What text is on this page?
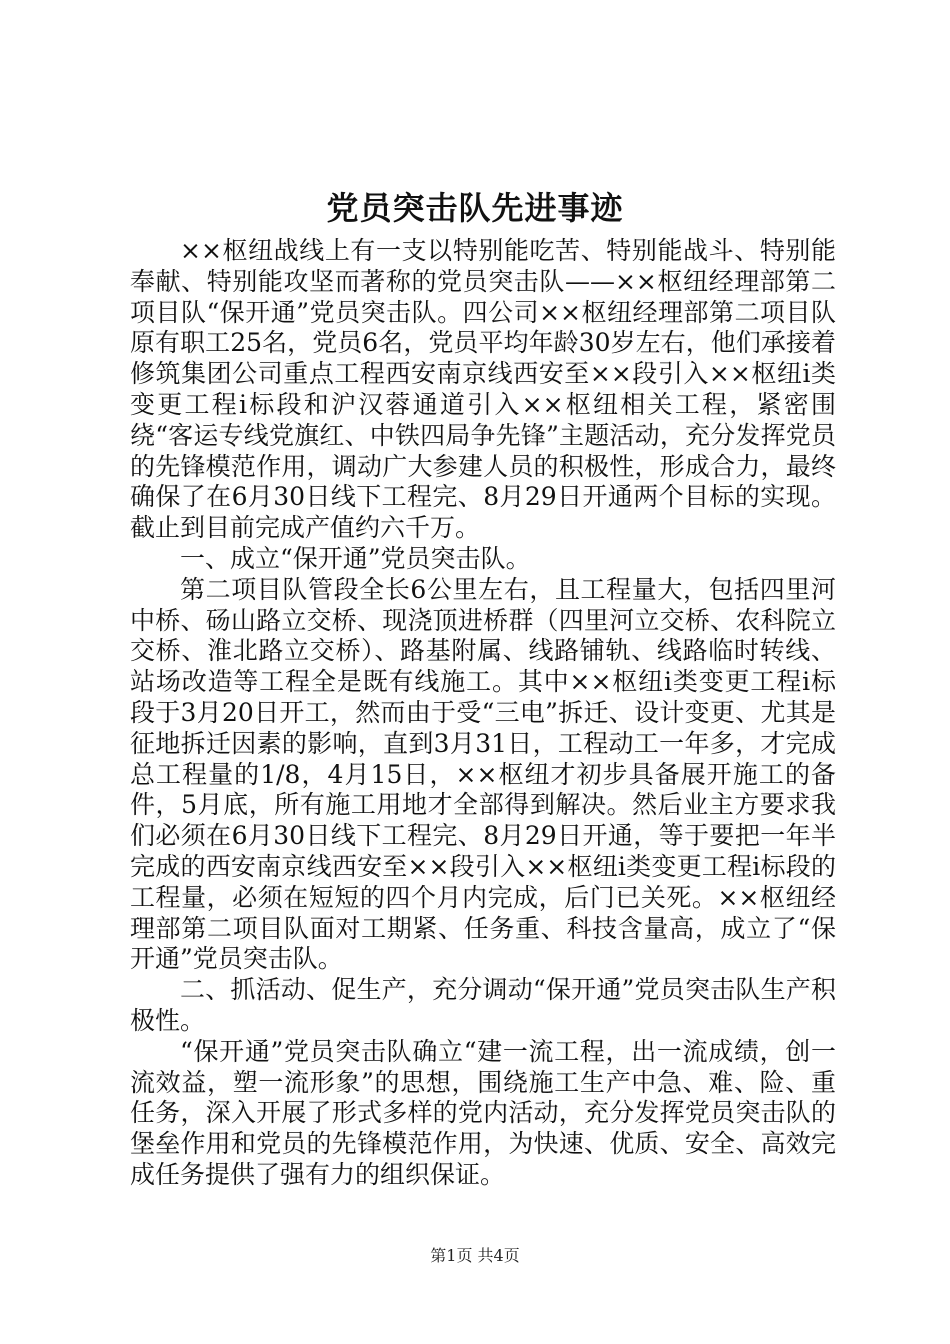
党员突击队先进事迹

××枢纽战线上有一支以特别能吃苦、特别能战斗、特别能奉献、特别能攻坚而著称的党员突击队——××枢纽经理部第二项目队“保开通”党员突击队。四公司××枢纽经理部第二项目队原有职工25名，党员6名，党员平均年龄30岁左右，他们承接着修筑集团公司重点工程西安南京线西安至××段引入××枢纽ⅰ类变更工程ⅰ标段和沪汉蓉通道引入××枢纽相关工程，紧密围绕“客运专线党旗红、中铁四局争先锋”主题活动，充分发挥党员的先锋模范作用，调动广大参建人员的积极性，形成合力，最终确保了在6月30日线下工程完、8月29日开通两个目标的实现。截止到目前完成产值约六千万。

一、成立“保开通”党员突击队。

第二项目队管段全长6公里左右，且工程量大，包括四里河中桥、砀山路立交桥、现浇顶进桥群（四里河立交桥、农科院立交桥、淮北路立交桥）、路基附属、线路铺轨、线路临时转线、站场改造等工程全是既有线施工。其中××枢纽ⅰ类变更工程ⅰ标段于3月20日开工，然而由于受“三电”拆迁、设计变更、尤其是征地拆迁因素的影响，直到3月31日，工程动工一年多，才完成总工程量的1/8，4月15日，××枢纽才初步具备展开施工的备件，5月底，所有施工用地才全部得到解决。然后业主方要求我们必须在6月30日线下工程完、8月29日开通，等于要把一年半完成的西安南京线西安至××段引入××枢纽ⅰ类变更工程ⅰ标段的工程量，必须在短短的四个月内完成，后门已关死。××枢纽经理部第二项目队面对工期紧、任务重、科技含量高，成立了“保开通”党员突击队。

二、抓活动、促生产，充分调动“保开通”党员突击队生产积极性。

“保开通”党员突击队确立“建一流工程，出一流成绩，创一流效益，塑一流形象”的思想，围绕施工生产中急、难、险、重任务，深入开展了形式多样的党内活动，充分发挥党员突击队的堡垒作用和党员的先锋模范作用，为快速、优质、安全、高效完成任务提供了强有力的组织保证。

第1页 共4页
